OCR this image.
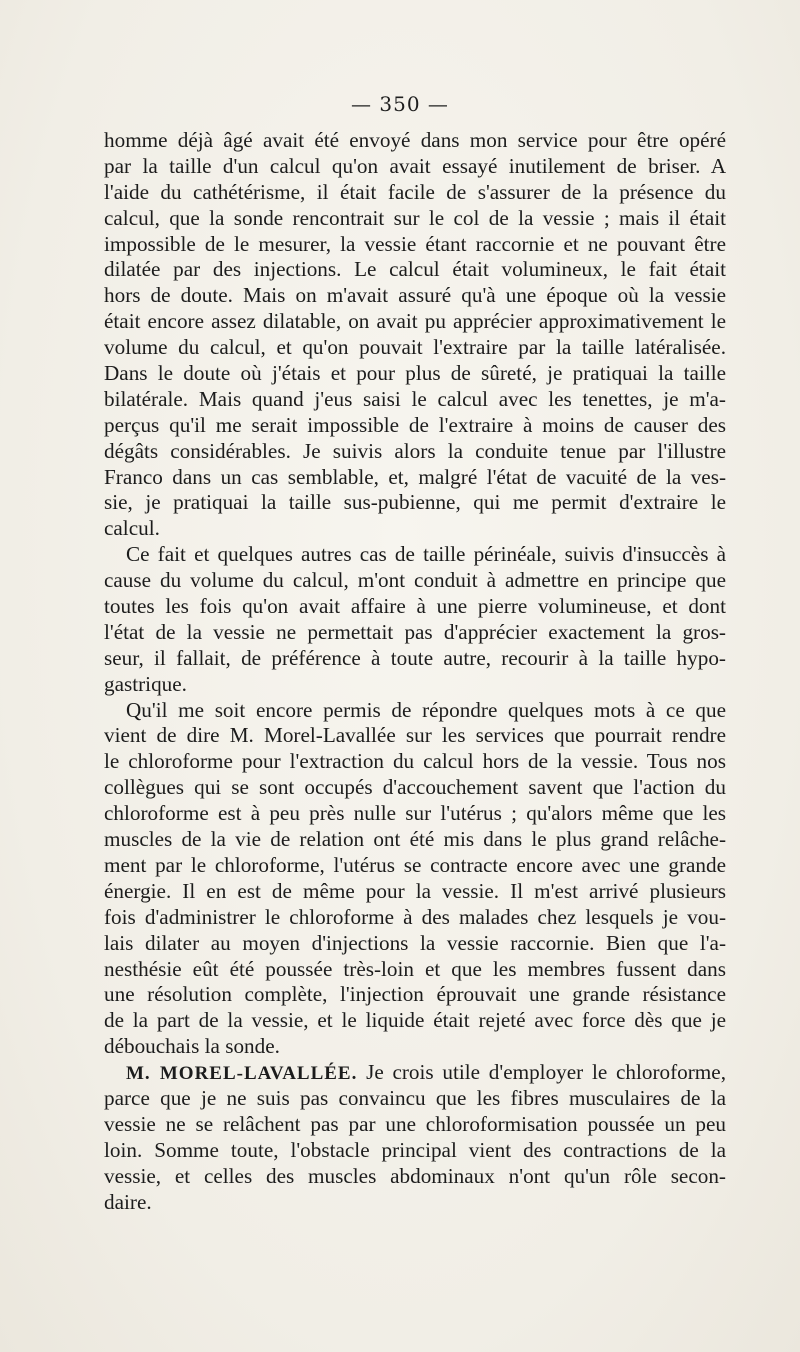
— 350 —
homme déjà âgé avait été envoyé dans mon service pour être opéré
par la taille d'un calcul qu'on avait essayé inutilement de briser. A
l'aide du cathétérisme, il était facile de s'assurer de la présence du
calcul, que la sonde rencontrait sur le col de la vessie ; mais il était
impossible de le mesurer, la vessie étant raccornie et ne pouvant être
dilatée par des injections. Le calcul était volumineux, le fait était
hors de doute. Mais on m'avait assuré qu'à une époque où la vessie
était encore assez dilatable, on avait pu apprécier approximativement le
volume du calcul, et qu'on pouvait l'extraire par la taille latéralisée.
Dans le doute où j'étais et pour plus de sûreté, je pratiquai la taille
bilatérale. Mais quand j'eus saisi le calcul avec les tenettes, je m'a-
perçus qu'il me serait impossible de l'extraire à moins de causer des
dégâts considérables. Je suivis alors la conduite tenue par l'illustre
Franco dans un cas semblable, et, malgré l'état de vacuité de la ves-
sie, je pratiquai la taille sus-pubienne, qui me permit d'extraire le
calcul.
Ce fait et quelques autres cas de taille périnéale, suivis d'insuccès à
cause du volume du calcul, m'ont conduit à admettre en principe que
toutes les fois qu'on avait affaire à une pierre volumineuse, et dont
l'état de la vessie ne permettait pas d'apprécier exactement la gros-
seur, il fallait, de préférence à toute autre, recourir à la taille hypo-
gastrique.
Qu'il me soit encore permis de répondre quelques mots à ce que
vient de dire M. Morel-Lavallée sur les services que pourrait rendre
le chloroforme pour l'extraction du calcul hors de la vessie. Tous nos
collègues qui se sont occupés d'accouchement savent que l'action du
chloroforme est à peu près nulle sur l'utérus ; qu'alors même que les
muscles de la vie de relation ont été mis dans le plus grand relâche-
ment par le chloroforme, l'utérus se contracte encore avec une grande
énergie. Il en est de même pour la vessie. Il m'est arrivé plusieurs
fois d'administrer le chloroforme à des malades chez lesquels je vou-
lais dilater au moyen d'injections la vessie raccornie. Bien que l'a-
nesthésie eût été poussée très-loin et que les membres fussent dans
une résolution complète, l'injection éprouvait une grande résistance
de la part de la vessie, et le liquide était rejeté avec force dès que je
débouchais la sonde.
M. MOREL-LAVALLÉE. Je crois utile d'employer le chloroforme,
parce que je ne suis pas convaincu que les fibres musculaires de la
vessie ne se relâchent pas par une chloroformisation poussée un peu
loin. Somme toute, l'obstacle principal vient des contractions de la
vessie, et celles des muscles abdominaux n'ont qu'un rôle secon-
daire.
